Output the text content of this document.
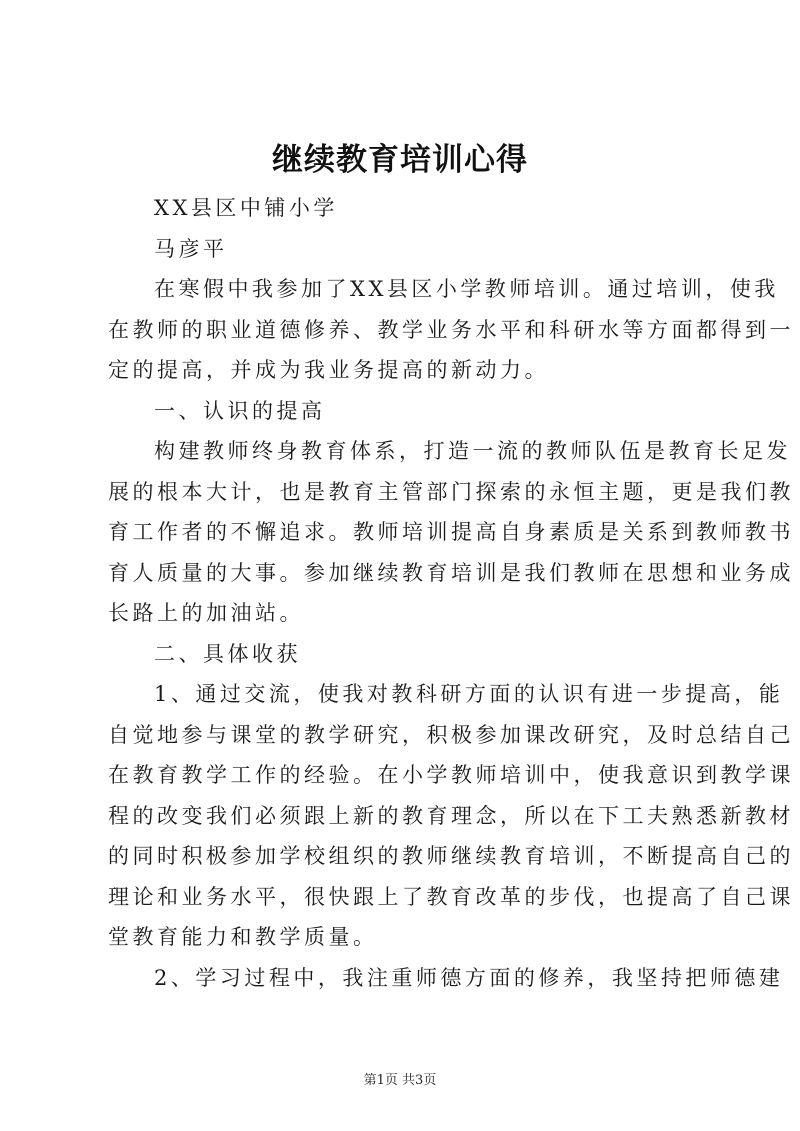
继续教育培训心得
XX县区中铺小学
马彦平
在寒假中我参加了XX县区小学教师培训。通过培训，使我
在教师的职业道德修养、教学业务水平和科研水等方面都得到一
定的提高，并成为我业务提高的新动力。
一、认识的提高
构建教师终身教育体系，打造一流的教师队伍是教育长足发
展的根本大计，也是教育主管部门探索的永恒主题，更是我们教
育工作者的不懈追求。教师培训提高自身素质是关系到教师教书
育人质量的大事。参加继续教育培训是我们教师在思想和业务成
长路上的加油站。
二、具体收获
1、通过交流，使我对教科研方面的认识有进一步提高，能
自觉地参与课堂的教学研究，积极参加课改研究，及时总结自己
在教育教学工作的经验。在小学教师培训中，使我意识到教学课
程的改变我们必须跟上新的教育理念，所以在下工夫熟悉新教材
的同时积极参加学校组织的教师继续教育培训，不断提高自己的
理论和业务水平，很快跟上了教育改革的步伐，也提高了自己课
堂教育能力和教学质量。
2、学习过程中，我注重师德方面的修养，我坚持把师德建
第1页 共3页
